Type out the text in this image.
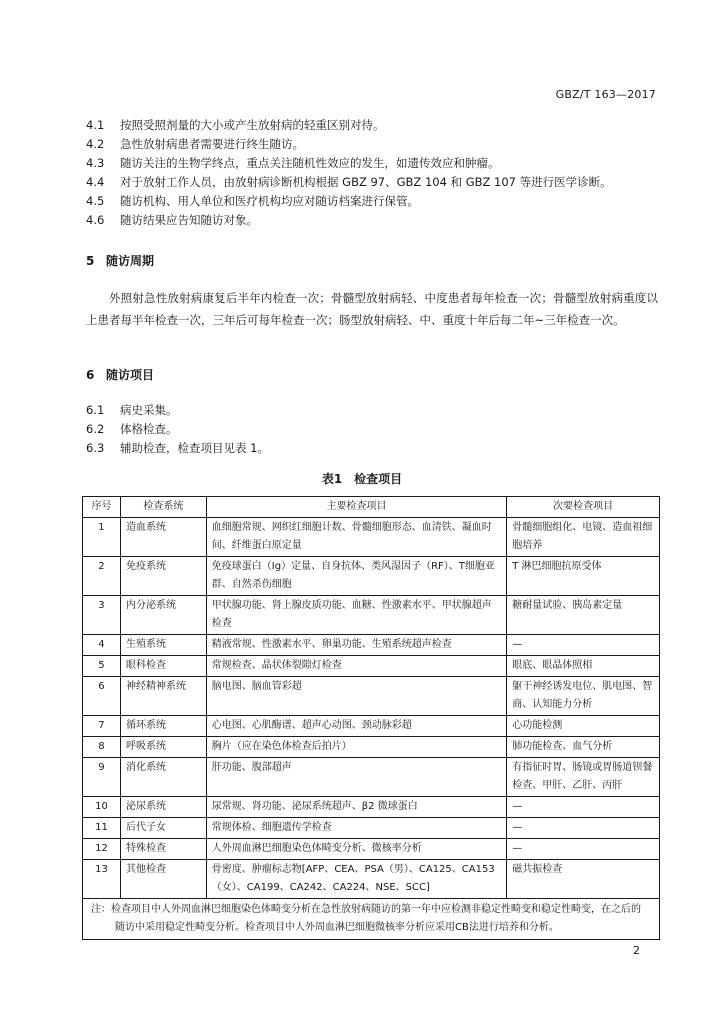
GBZ/T 163—2017
4.1 按照受照剂量的大小或产生放射病的轻重区别对待。
4.2 急性放射病患者需要进行终生随访。
4.3 随访关注的生物学终点，重点关注随机性效应的发生，如遗传效应和肿瘤。
4.4 对于放射工作人员，由放射病诊断机构根据 GBZ 97、GBZ 104 和 GBZ 107 等进行医学诊断。
4.5 随访机构、用人单位和医疗机构均应对随访档案进行保管。
4.6 随访结果应告知随访对象。
5 随访周期
外照射急性放射病康复后半年内检查一次；骨髓型放射病轻、中度患者每年检查一次；骨髓型放射病重度以上患者每半年检查一次，三年后可每年检查一次；肠型放射病轻、中、重度十年后每二年~三年检查一次。
6 随访项目
6.1 病史采集。
6.2 体格检查。
6.3 辅助检查，检查项目见表 1。
表1 检查项目
序号	检查系统	主要检查项目	次要检查项目
1	造血系统	血细胞常规、网织红细胞计数、骨髓细胞形态、血清铁、凝血时间、纤维蛋白原定量	骨髓细胞组化、电镜、造血祖细胞培养
2	免疫系统	免疫球蛋白（Ig）定量、自身抗体、类风湿因子（RF）、T细胞亚群、自然杀伤细胞	T 淋巴细胞抗原受体
3	内分泌系统	甲状腺功能、肾上腺皮质功能、血糖、性激素水平、甲状腺超声检查	糖耐量试验、胰岛素定量
4	生殖系统	精液常规、性激素水平、卵巢功能、生殖系统超声检查	—
5	眼科检查	常规检查、晶状体裂隙灯检查	眼底、眼晶体照相
6	神经精神系统	脑电图、脑血管彩超	躯干神经诱发电位、肌电图、智商、认知能力分析
7	循环系统	心电图、心肌酶谱、超声心动图、颈动脉彩超	心功能检测
8	呼吸系统	胸片（应在染色体检查后拍片）	肺功能检查、血气分析
9	消化系统	肝功能、腹部超声	有指征时胃、肠镜或胃肠道钡餐检查、甲肝、乙肝、丙肝
10	泌尿系统	尿常规、肾功能、泌尿系统超声、β2 微球蛋白	—
11	后代子女	常规体检、细胞遗传学检查	—
12	特殊检查	人外周血淋巴细胞染色体畸变分析、微核率分析	—
13	其他检查	骨密度、肿瘤标志物[AFP、CEA、PSA（男）、CA125、CA153（女）、CA199、CA242、CA224、NSE、SCC]	磁共振检查

注：检查项目中人外周血淋巴细胞染色体畸变分析在急性放射病随访的第一年中应检测非稳定性畸变和稳定性畸变，在之后的随访中采用稳定性畸变分析。检查项目中人外周血淋巴细胞微核率分析应采用CB法进行培养和分析。			
2
